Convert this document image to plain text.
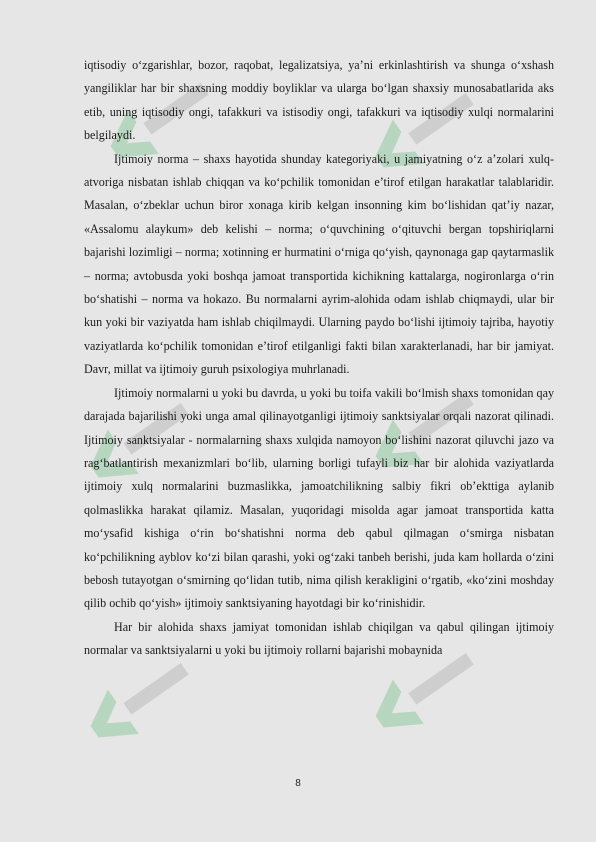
iqtisodiy o‘zgarishlar, bozor, raqobat, legalizatsiya, ya’ni erkinlashtirish va shunga o‘xshash yangiliklar har bir shaxsning moddiy boyliklar va ularga bo‘lgan shaxsiy munosabatlarida aks etib, uning iqtisodiy ongi, tafakkuri va istisodiy ongi, tafakkuri va iqtisodiy xulqi normalarini belgilaydi.

Ijtimoiy norma – shaxs hayotida shunday kategoriyaki, u jamiyatning o‘z a’zolari xulq-atvoriga nisbatan ishlab chiqqan va ko‘pchilik tomonidan e’tirof etilgan harakatlar talablaridir. Masalan, o‘zbeklar uchun biror xonaga kirib kelgan insonning kim bo‘lishidan qat’iy nazar, «Assalomu alaykum» deb kelishi – norma; o‘quvchining o‘qituvchi bergan topshiriqlarni bajarishi lozimligi – norma; xotinning er hurmatini o‘rniga qo‘yish, qaynonaga gap qaytarmaslik – norma; avtobusda yoki boshqa jamoat transportida kichikning kattalarga, nogironlarga o‘rin bo‘shatishi – norma va hokazo. Bu normalarni ayrim-alohida odam ishlab chiqmaydi, ular bir kun yoki bir vaziyatda ham ishlab chiqilmaydi. Ularning paydo bo‘lishi ijtimoiy tajriba, hayotiy vaziyatlarda ko‘pchilik tomonidan e’tirof etilganligi fakti bilan xarakterlanadi, har bir jamiyat. Davr, millat va ijtimoiy guruh psixologiya muhrlanadi.

Ijtimoiy normalarni u yoki bu davrda, u yoki bu toifa vakili bo‘lmish shaxs tomonidan qay darajada bajarilishi yoki unga amal qilinayotganligi ijtimoiy sanktsiyalar orqali nazorat qilinadi. Ijtimoiy sanktsiyalar - normalarning shaxs xulqida namoyon bo‘lishini nazorat qiluvchi jazo va rag‘batlantirish mexanizmlari bo‘lib, ularning borligi tufayli biz har bir alohida vaziyatlarda ijtimoiy xulq normalarini buzmaslikka, jamoatchilikning salbiy fikri ob’ekttiga aylanib qolmaslikka harakat qilamiz. Masalan, yuqoridagi misolda agar jamoat transportida katta mo‘ysafid kishiga o‘rin bo‘shatishni norma deb qabul qilmagan o‘smirga nisbatan ko‘pchilikning ayblov ko‘zi bilan qarashi, yoki og‘zaki tanbeh berishi, juda kam hollarda o‘zini bebosh tutayotgan o‘smirning qo‘lidan tutib, nima qilish kerakligini o‘rgatib, «ko‘zini moshday qilib ochib qo‘yish» ijtimoiy sanktsiyaning hayotdagi bir ko‘rinishidir.

Har bir alohida shaxs jamiyat tomonidan ishlab chiqilgan va qabul qilingan ijtimoiy normalar va sanktsiyalarni u yoki bu ijtimoiy rollarni bajarishi mobaynida

8
